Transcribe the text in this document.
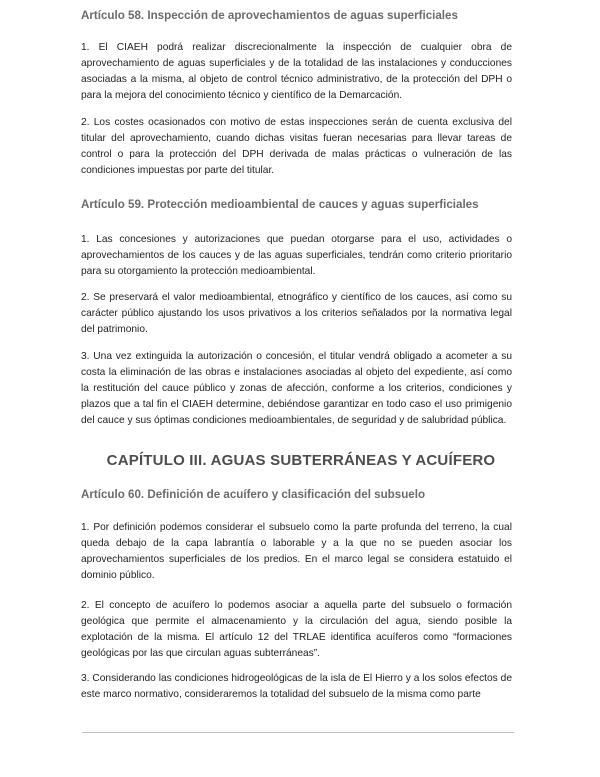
Artículo 58. Inspección de aprovechamientos de aguas superficiales

1. El CIAEH podrá realizar discrecionalmente la inspección de cualquier obra de aprovechamiento de aguas superficiales y de la totalidad de las instalaciones y conducciones asociadas a la misma, al objeto de control técnico administrativo, de la protección del DPH o para la mejora del conocimiento técnico y científico de la Demarcación.

2. Los costes ocasionados con motivo de estas inspecciones serán de cuenta exclusiva del titular del aprovechamiento, cuando dichas visitas fueran necesarias para llevar tareas de control o para la protección del DPH derivada de malas prácticas o vulneración de las condiciones impuestas por parte del titular.

Artículo 59. Protección medioambiental de cauces y aguas superficiales

1. Las concesiones y autorizaciones que puedan otorgarse para el uso, actividades o aprovechamientos de los cauces y de las aguas superficiales, tendrán como criterio prioritario para su otorgamiento la protección medioambiental.

2. Se preservará el valor medioambiental, etnográfico y científico de los cauces, así como su carácter público ajustando los usos privativos a los criterios señalados por la normativa legal del patrimonio.

3. Una vez extinguida la autorización o concesión, el titular vendrá obligado a acometer a su costa la eliminación de las obras e instalaciones asociadas al objeto del expediente, así como la restitución del cauce público y zonas de afección, conforme a los criterios, condiciones y plazos que a tal fin el CIAEH determine, debiéndose garantizar en todo caso el uso primigenio del cauce y sus óptimas condiciones medioambientales, de seguridad y de salubridad pública.

CAPÍTULO III. AGUAS SUBTERRÁNEAS Y ACUÍFERO
Artículo 60. Definición de acuífero y clasificación del subsuelo

1. Por definición podemos considerar el subsuelo como la parte profunda del terreno, la cual queda debajo de la capa labrantía o laborable y a la que no se pueden asociar los aprovechamientos superficiales de los predios. En el marco legal se considera estatuido el dominio público.

2. El concepto de acuífero lo podemos asociar a aquella parte del subsuelo o formación geológica que permite el almacenamiento y la circulación del agua, siendo posible la explotación de la misma. El artículo 12 del TRLAE identifica acuíferos como “formaciones geológicas por las que circulan aguas subterráneas”.

3. Considerando las condiciones hidrogeológicas de la isla de El Hierro y a los solos efectos de este marco normativo, consideraremos la totalidad del subsuelo de la misma como parte
